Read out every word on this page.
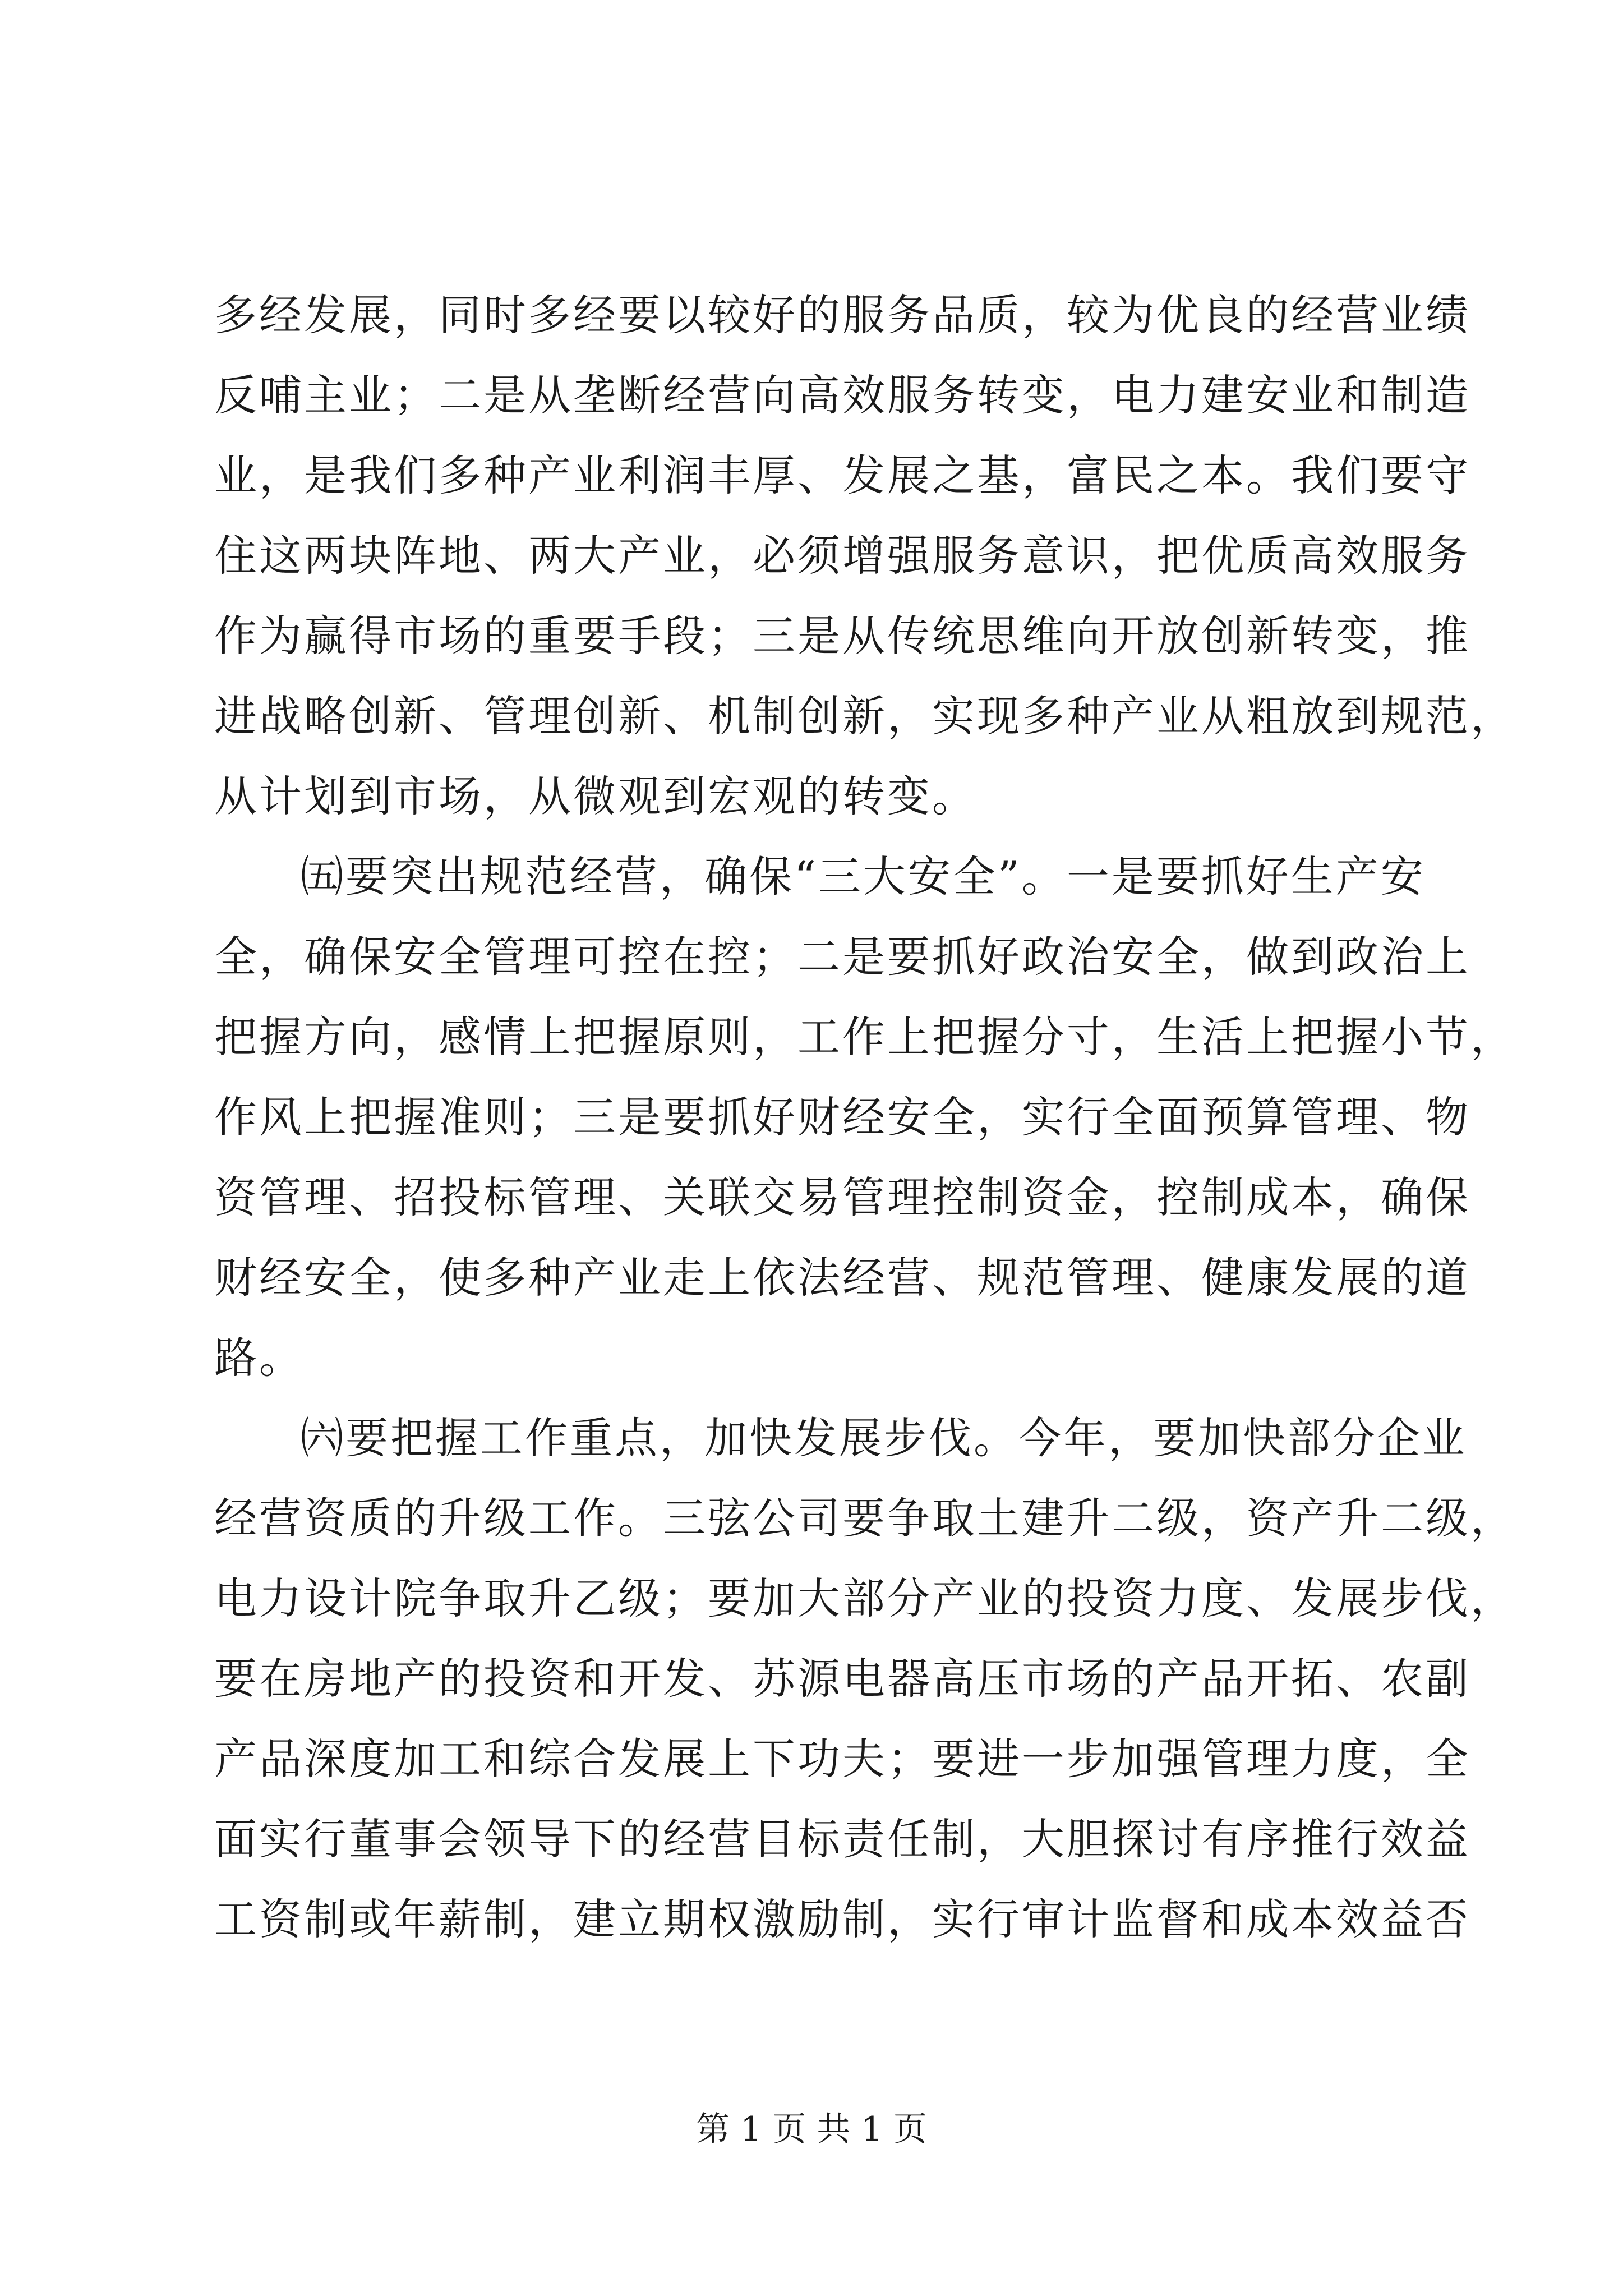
多经发展，同时多经要以较好的服务品质，较为优良的经营业绩
反哺主业；二是从垄断经营向高效服务转变，电力建安业和制造
业，是我们多种产业利润丰厚、发展之基，富民之本。我们要守
住这两块阵地、两大产业，必须增强服务意识，把优质高效服务
作为赢得市场的重要手段；三是从传统思维向开放创新转变，推
进战略创新、管理创新、机制创新，实现多种产业从粗放到规范，
从计划到市场，从微观到宏观的转变。
㈤要突出规范经营，确保“三大安全”。一是要抓好生产安
全，确保安全管理可控在控；二是要抓好政治安全，做到政治上
把握方向，感情上把握原则，工作上把握分寸，生活上把握小节，
作风上把握准则；三是要抓好财经安全，实行全面预算管理、物
资管理、招投标管理、关联交易管理控制资金，控制成本，确保
财经安全，使多种产业走上依法经营、规范管理、健康发展的道
路。
㈥要把握工作重点，加快发展步伐。今年，要加快部分企业
经营资质的升级工作。三弦公司要争取土建升二级，资产升二级，
电力设计院争取升乙级；要加大部分产业的投资力度、发展步伐，
要在房地产的投资和开发、苏源电器高压市场的产品开拓、农副
产品深度加工和综合发展上下功夫；要进一步加强管理力度，全
面实行董事会领导下的经营目标责任制，大胆探讨有序推行效益
工资制或年薪制，建立期权激励制，实行审计监督和成本效益否
第 1 页 共 1 页
